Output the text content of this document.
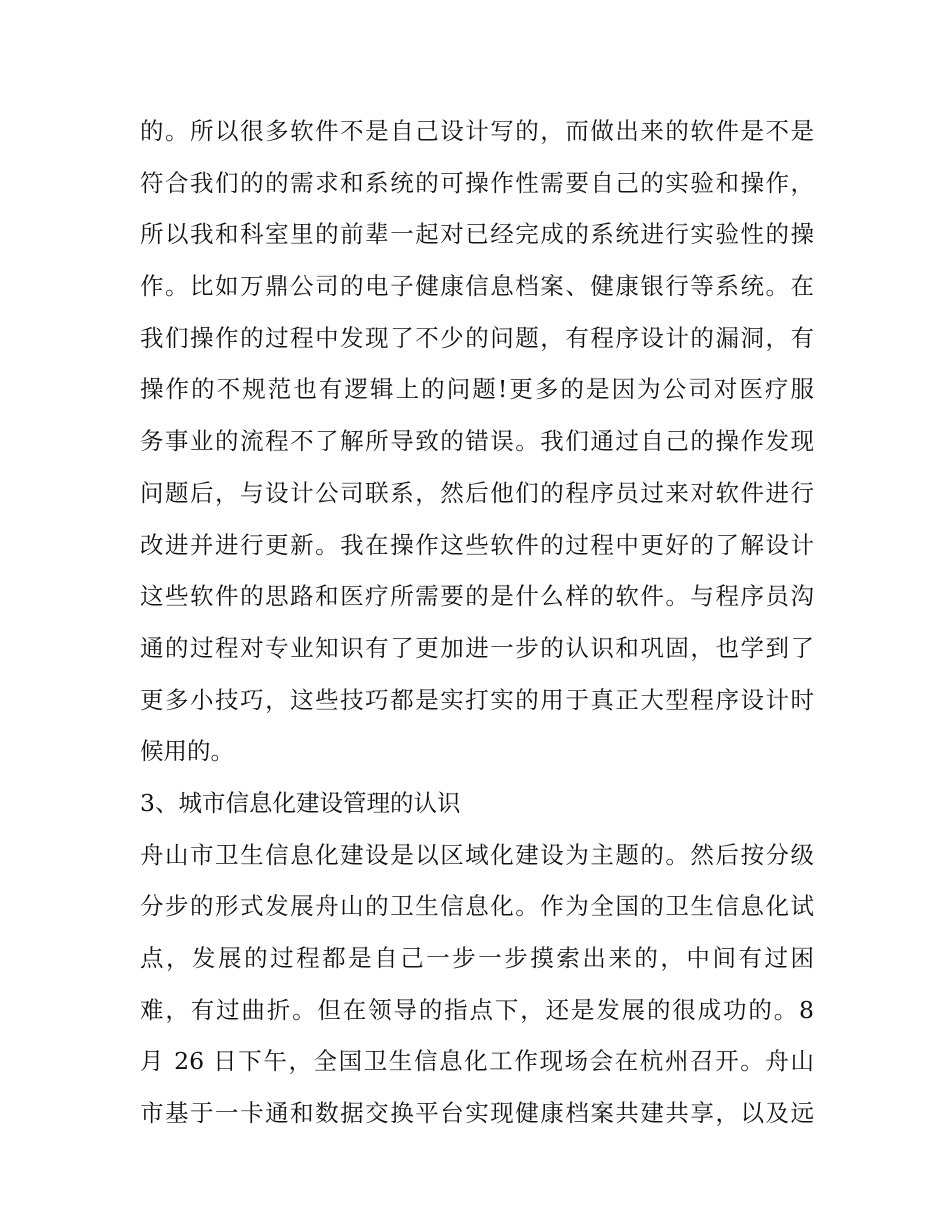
的。所以很多软件不是自己设计写的，而做出来的软件是不是
符合我们的的需求和系统的可操作性需要自己的实验和操作，
所以我和科室里的前辈一起对已经完成的系统进行实验性的操
作。比如万鼎公司的电子健康信息档案、健康银行等系统。在
我们操作的过程中发现了不少的问题，有程序设计的漏洞，有
操作的不规范也有逻辑上的问题!更多的是因为公司对医疗服
务事业的流程不了解所导致的错误。我们通过自己的操作发现
问题后，与设计公司联系，然后他们的程序员过来对软件进行
改进并进行更新。我在操作这些软件的过程中更好的了解设计
这些软件的思路和医疗所需要的是什么样的软件。与程序员沟
通的过程对专业知识有了更加进一步的认识和巩固，也学到了
更多小技巧，这些技巧都是实打实的用于真正大型程序设计时
候用的。
3、城市信息化建设管理的认识
舟山市卫生信息化建设是以区域化建设为主题的。然后按分级
分步的形式发展舟山的卫生信息化。作为全国的卫生信息化试
点，发展的过程都是自己一步一步摸索出来的，中间有过困
难，有过曲折。但在领导的指点下，还是发展的很成功的。8
月 26 日下午，全国卫生信息化工作现场会在杭州召开。舟山
市基于一卡通和数据交换平台实现健康档案共建共享，以及远
